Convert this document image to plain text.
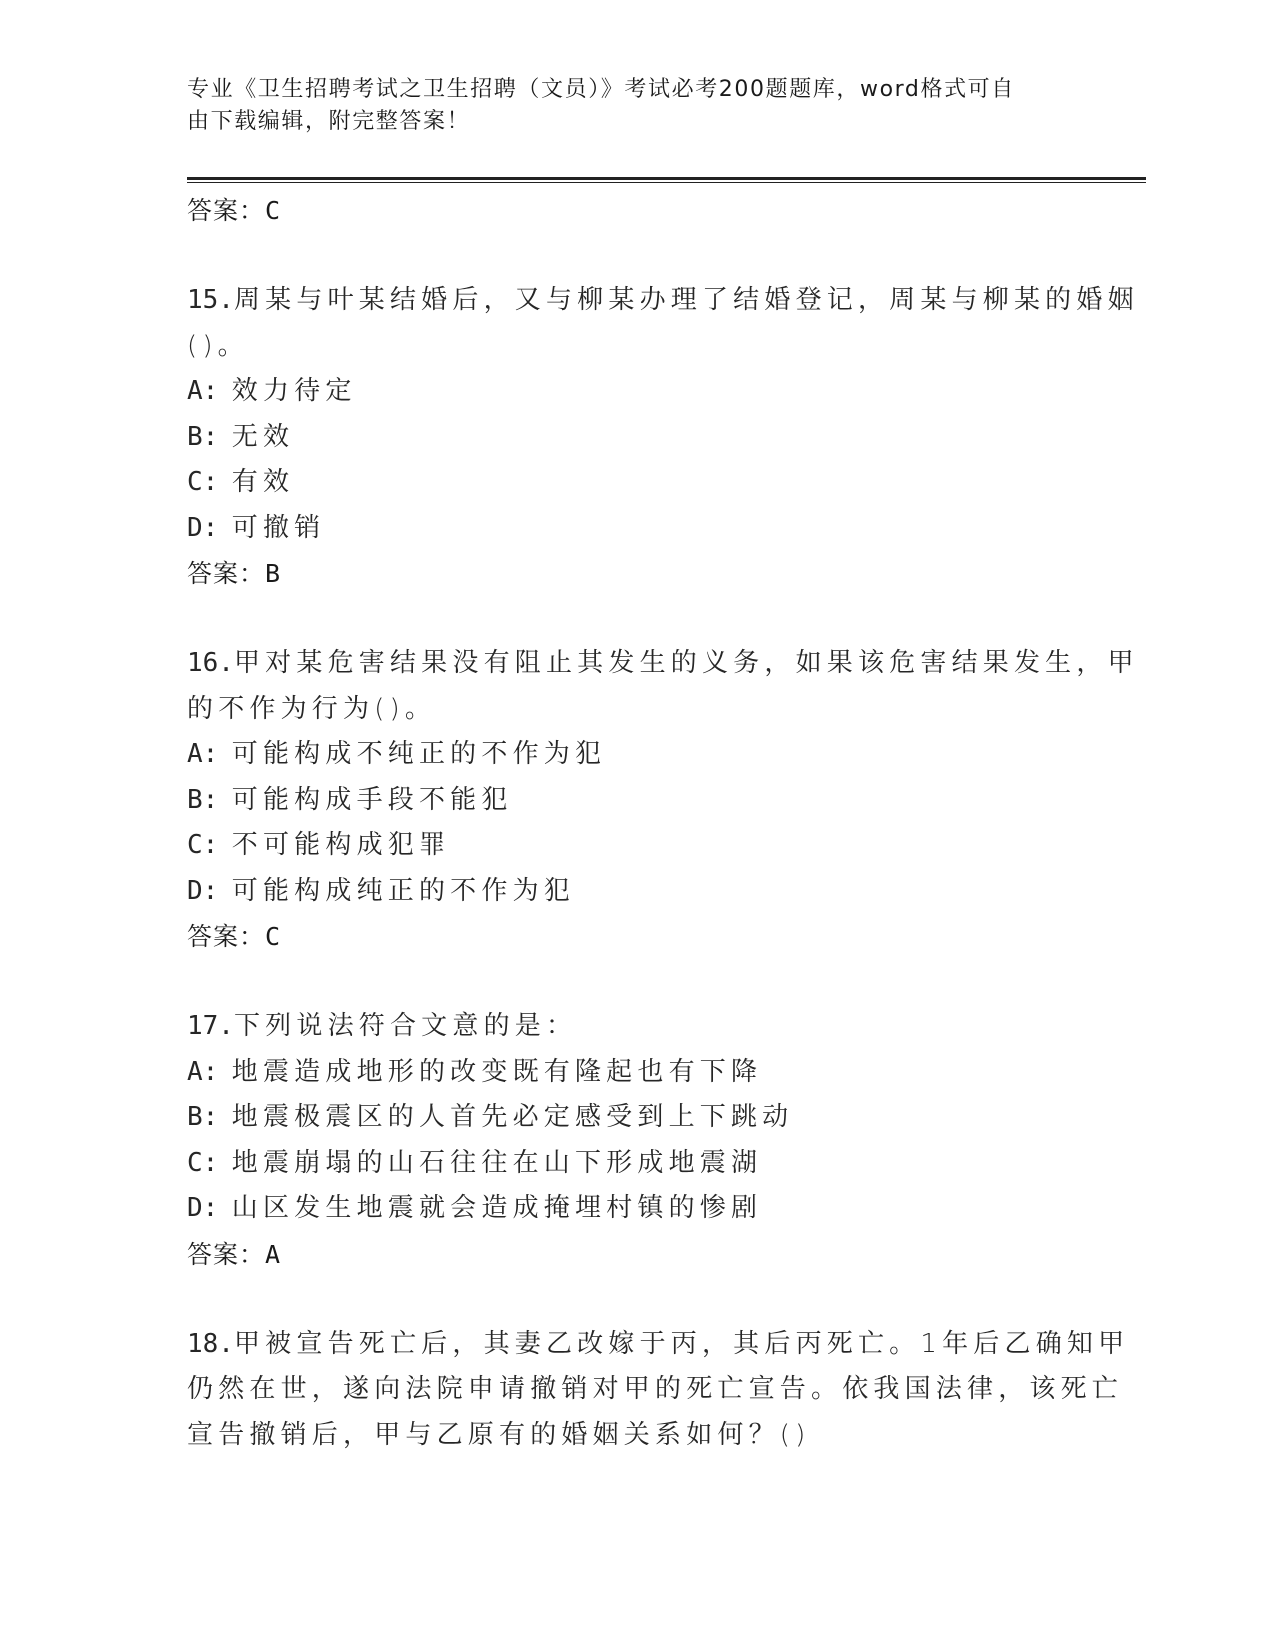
专业《卫生招聘考试之卫生招聘（文员）》考试必考200题题库，word格式可自
由下载编辑，附完整答案！
答案：C
15.周某与叶某结婚后，又与柳某办理了结婚登记，周某与柳某的婚姻
()。
A: 效力待定
B: 无效
C: 有效
D: 可撤销
答案：B
16.甲对某危害结果没有阻止其发生的义务，如果该危害结果发生，甲
的不作为行为()。
A: 可能构成不纯正的不作为犯
B: 可能构成手段不能犯
C: 不可能构成犯罪
D: 可能构成纯正的不作为犯
答案：C
17.下列说法符合文意的是：
A: 地震造成地形的改变既有隆起也有下降
B: 地震极震区的人首先必定感受到上下跳动
C: 地震崩塌的山石往往在山下形成地震湖
D: 山区发生地震就会造成掩埋村镇的惨剧
答案：A
18.甲被宣告死亡后，其妻乙改嫁于丙，其后丙死亡。1年后乙确知甲
仍然在世，遂向法院申请撤销对甲的死亡宣告。依我国法律，该死亡
宣告撤销后，甲与乙原有的婚姻关系如何？()
